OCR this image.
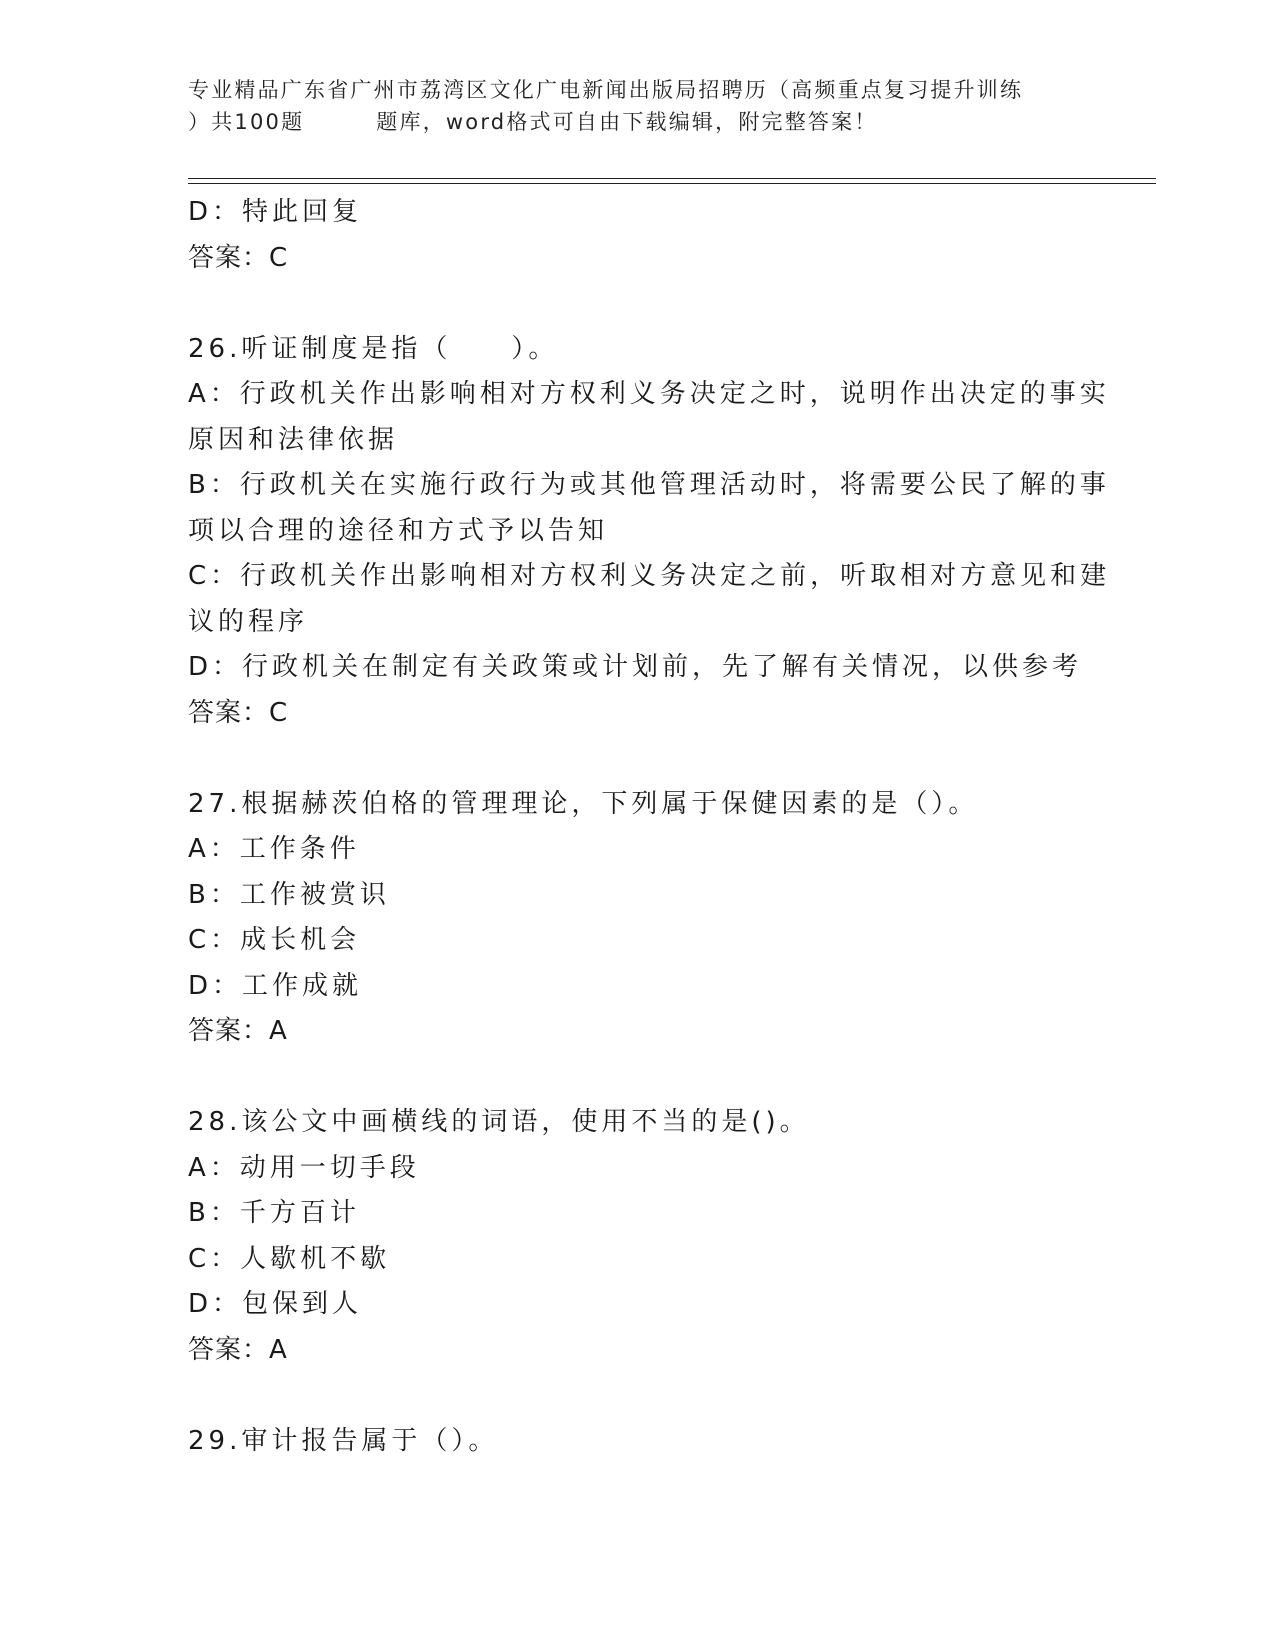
专业精品广东省广州市荔湾区文化广电新闻出版局招聘历（高频重点复习提升训练
）共100题	题库，word格式可自由下载编辑，附完整答案！
D：特此回复
答案：C
26.听证制度是指（　　）。
A：行政机关作出影响相对方权利义务决定之时，说明作出决定的事实
原因和法律依据
B：行政机关在实施行政行为或其他管理活动时，将需要公民了解的事
项以合理的途径和方式予以告知
C：行政机关作出影响相对方权利义务决定之前，听取相对方意见和建
议的程序
D：行政机关在制定有关政策或计划前，先了解有关情况，以供参考
答案：C
27.根据赫茨伯格的管理理论，下列属于保健因素的是（）。
A：工作条件
B：工作被赏识
C：成长机会
D：工作成就
答案：A
28.该公文中画横线的词语，使用不当的是()。
A：动用一切手段
B：千方百计
C：人歇机不歇
D：包保到人
答案：A
29.审计报告属于（）。
